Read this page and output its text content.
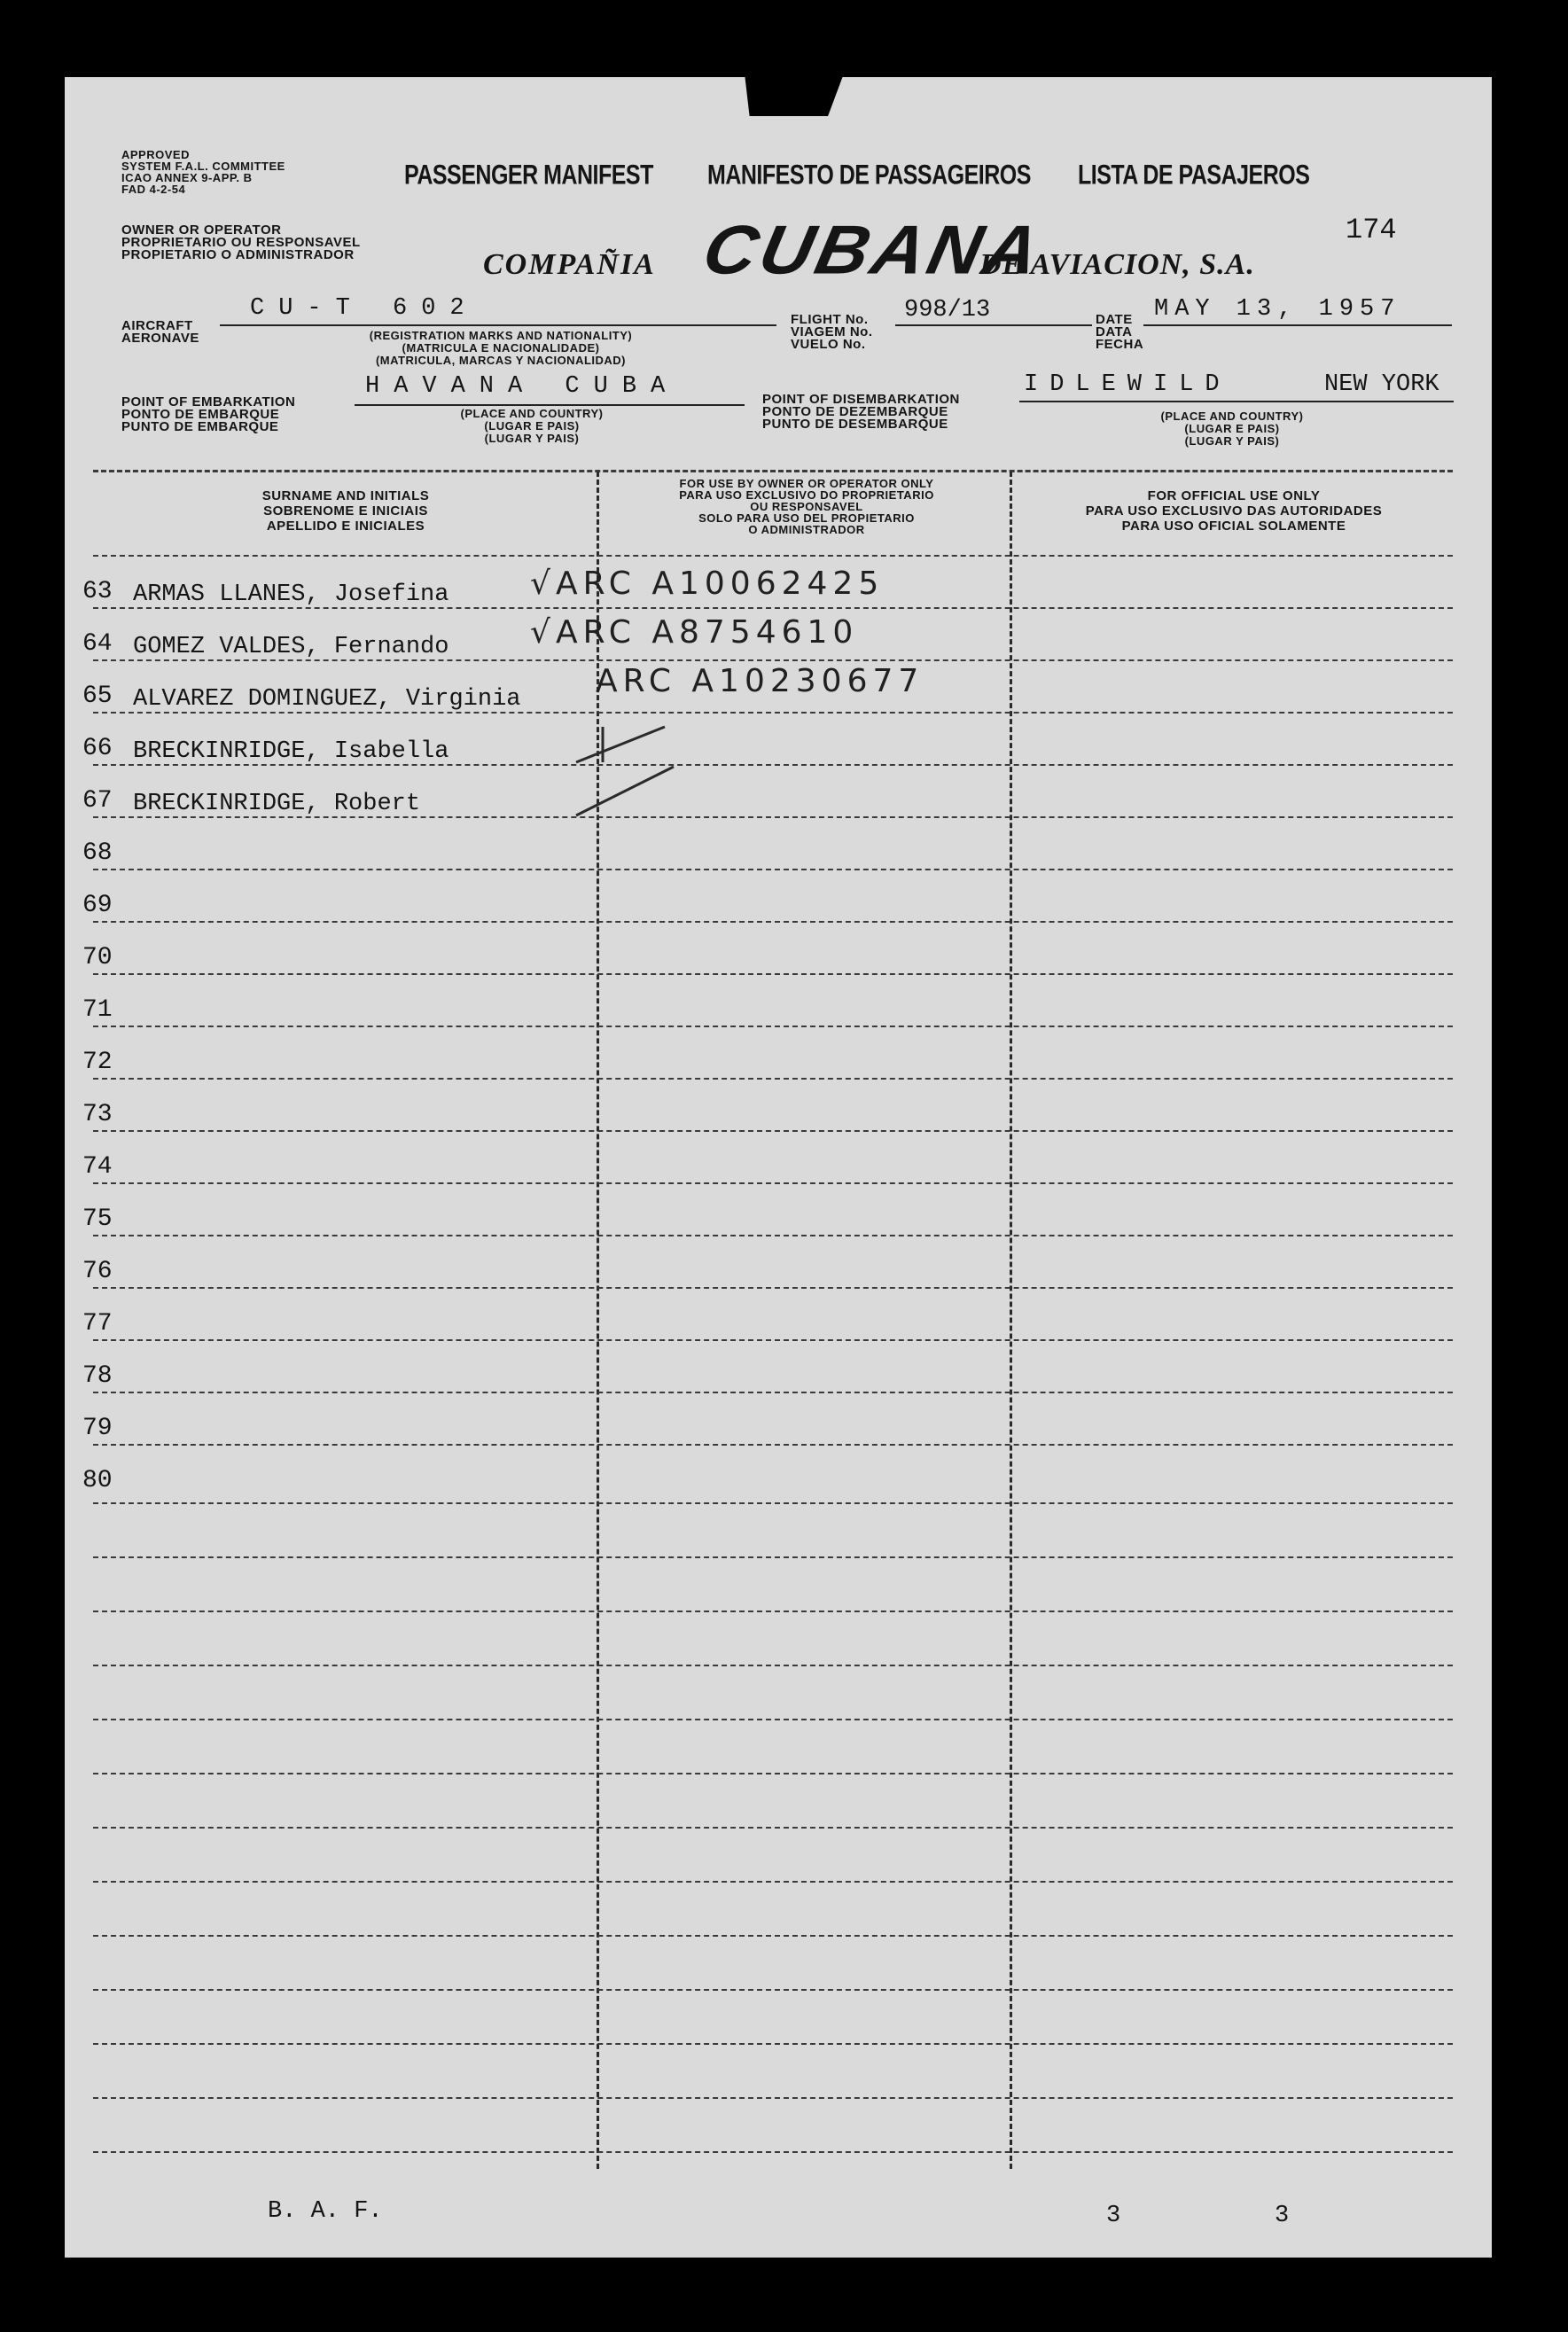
APPROVED
SYSTEM F.A.L. COMMITTEE
ICAO ANNEX 9-APP. B
FAD 4-2-54	PASSENGER MANIFEST MANIFESTO DE PASSAGEIROS LISTA DE PASAJEROS
174
OWNER OR OPERATOR
PROPRIETARIO OU RESPONSAVEL
PROPIETARIO O ADMINISTRADOR	COMPAÑIA CUBANA
DE AVIACION, S.A.
AIRCRAFT
AERONAVE
CU-T 602
(REGISTRATION MARKS AND NATIONALITY)
(MATRICULA E NACIONALIDADE)
(MATRICULA, MARCAS Y NACIONALIDAD)
FLIGHT No.
VIAGEM No.
VUELO No.
998/13	DATE
DATA
FECHA
MAY 13, 1957
POINT OF EMBARKATION
PONTO DE EMBARQUE
PUNTO DE EMBARQUE
HAVANA CUBA
(PLACE AND COUNTRY)
(LUGAR E PAIS)
(LUGAR Y PAIS)
POINT OF DISEMBARKATION
PONTO DE DEZEMBARQUE
PUNTO DE DESEMBARQUE
IDLEWILD	NEW YORK
(PLACE AND COUNTRY)
(LUGAR E PAIS)
(LUGAR Y PAIS)
SURNAME AND INITIALS
SOBRENOME E INICIAIS
APELLIDO E INICIALES
FOR USE BY OWNER OR OPERATOR ONLY
PARA USO EXCLUSIVO DO PROPRIETARIO
OU RESPONSAVEL
SOLO PARA USO DEL PROPIETARIO
O ADMINISTRADOR
FOR OFFICIAL USE ONLY
PARA USO EXCLUSIVO DAS AUTORIDADES
PARA USO OFICIAL SOLAMENTE
63 ARMAS LLANES, Josefina	√ARC A10062425
64 GOMEZ VALDES, Fernando	√ARC A8754610
65 ALVAREZ DOMINGUEZ, Virginia ARC A10230677
66 BRECKINRIDGE, Isabella
67 BRECKINRIDGE, Robert
68
69
70
71
72
73
74
75
76
77
78
79
80
B. A. F.	3	3
